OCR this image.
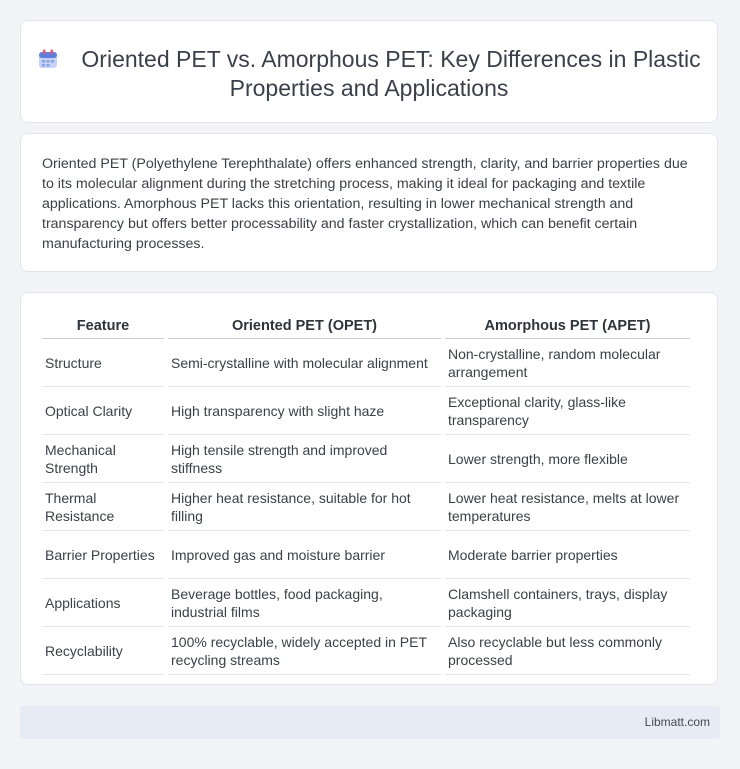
Oriented PET vs. Amorphous PET: Key Differences in Plastic Properties and Applications

Oriented PET (Polyethylene Terephthalate) offers enhanced strength, clarity, and barrier properties due to its molecular alignment during the stretching process, making it ideal for packaging and textile applications. Amorphous PET lacks this orientation, resulting in lower mechanical strength and transparency but offers better processability and faster crystallization, which can benefit certain manufacturing processes.

Feature	Oriented PET (OPET)	Amorphous PET (APET)
Structure	Semi-crystalline with molecular alignment	Non-crystalline, random molecular arrangement
Optical Clarity	High transparency with slight haze	Exceptional clarity, glass-like transparency
Mechanical Strength	High tensile strength and improved stiffness	Lower strength, more flexible
Thermal Resistance	Higher heat resistance, suitable for hot filling	Lower heat resistance, melts at lower temperatures
Barrier Properties	Improved gas and moisture barrier	Moderate barrier properties
Applications	Beverage bottles, food packaging, industrial films	Clamshell containers, trays, display packaging
Recyclability	100% recyclable, widely accepted in PET recycling streams	Also recyclable but less commonly processed
Libmatt.com
